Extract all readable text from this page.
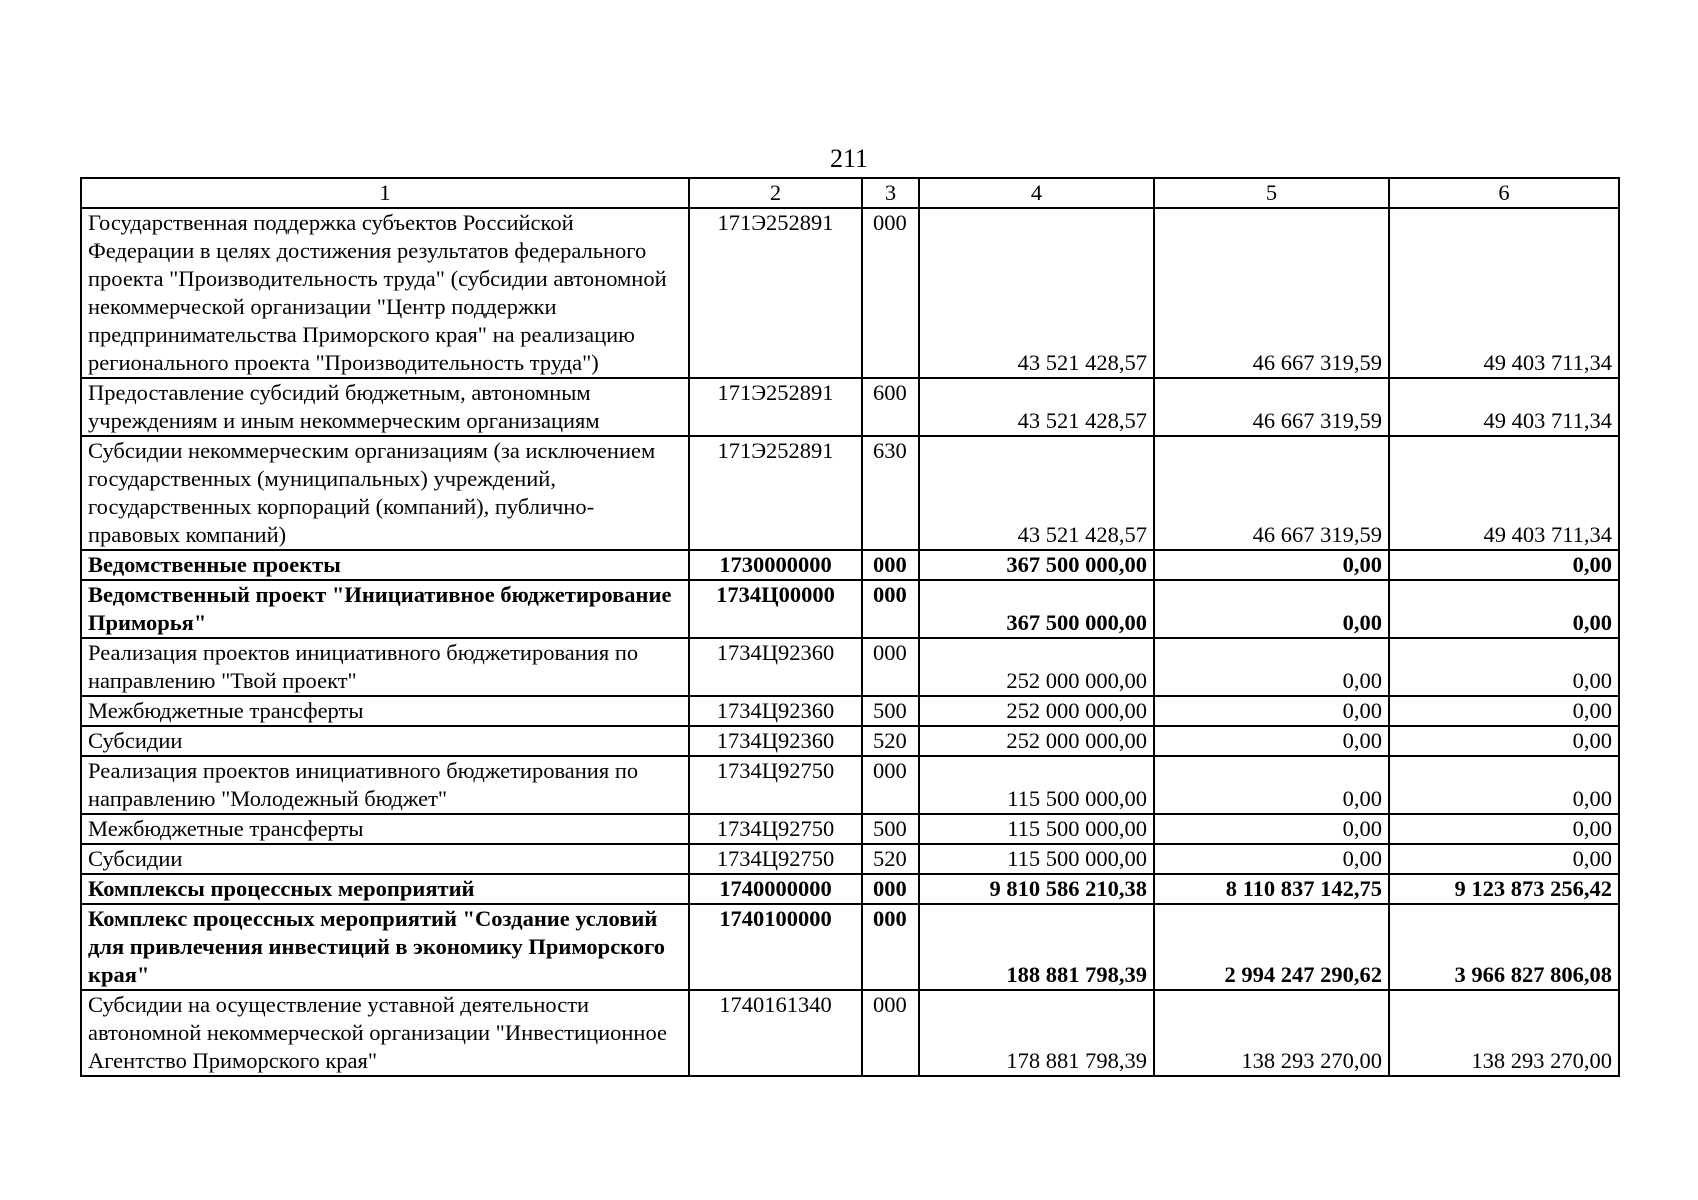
211
1	2	3	4	5	6
Государственная поддержка субъектов Российской Федерации в целях достижения результатов федерального проекта "Производительность труда" (субсидии автономной некоммерческой организации "Центр поддержки предпринимательства Приморского края" на реализацию регионального проекта "Производительность труда")	171Э252891	000	43 521 428,57	46 667 319,59	49 403 711,34
Предоставление субсидий бюджетным, автономным учреждениям и иным некоммерческим организациям	171Э252891	600	43 521 428,57	46 667 319,59	49 403 711,34
Субсидии некоммерческим организациям (за исключением государственных (муниципальных) учреждений, государственных корпораций (компаний), публично-правовых компаний)	171Э252891	630	43 521 428,57	46 667 319,59	49 403 711,34
Ведомственные проекты	1730000000	000	367 500 000,00	0,00	0,00
Ведомственный проект "Инициативное бюджетирование Приморья"	1734Ц00000	000	367 500 000,00	0,00	0,00
Реализация проектов инициативного бюджетирования по направлению "Твой проект"	1734Ц92360	000	252 000 000,00	0,00	0,00
Межбюджетные трансферты	1734Ц92360	500	252 000 000,00	0,00	0,00
Субсидии	1734Ц92360	520	252 000 000,00	0,00	0,00
Реализация проектов инициативного бюджетирования по направлению "Молодежный бюджет"	1734Ц92750	000	115 500 000,00	0,00	0,00
Межбюджетные трансферты	1734Ц92750	500	115 500 000,00	0,00	0,00
Субсидии	1734Ц92750	520	115 500 000,00	0,00	0,00
Комплексы процессных мероприятий	1740000000	000	9 810 586 210,38	8 110 837 142,75	9 123 873 256,42
Комплекс процессных мероприятий "Создание условий для привлечения инвестиций в экономику Приморского края"	1740100000	000	188 881 798,39	2 994 247 290,62	3 966 827 806,08
Субсидии на осуществление уставной деятельности автономной некоммерческой организации "Инвестиционное Агентство Приморского края"	1740161340	000	178 881 798,39	138 293 270,00	138 293 270,00
